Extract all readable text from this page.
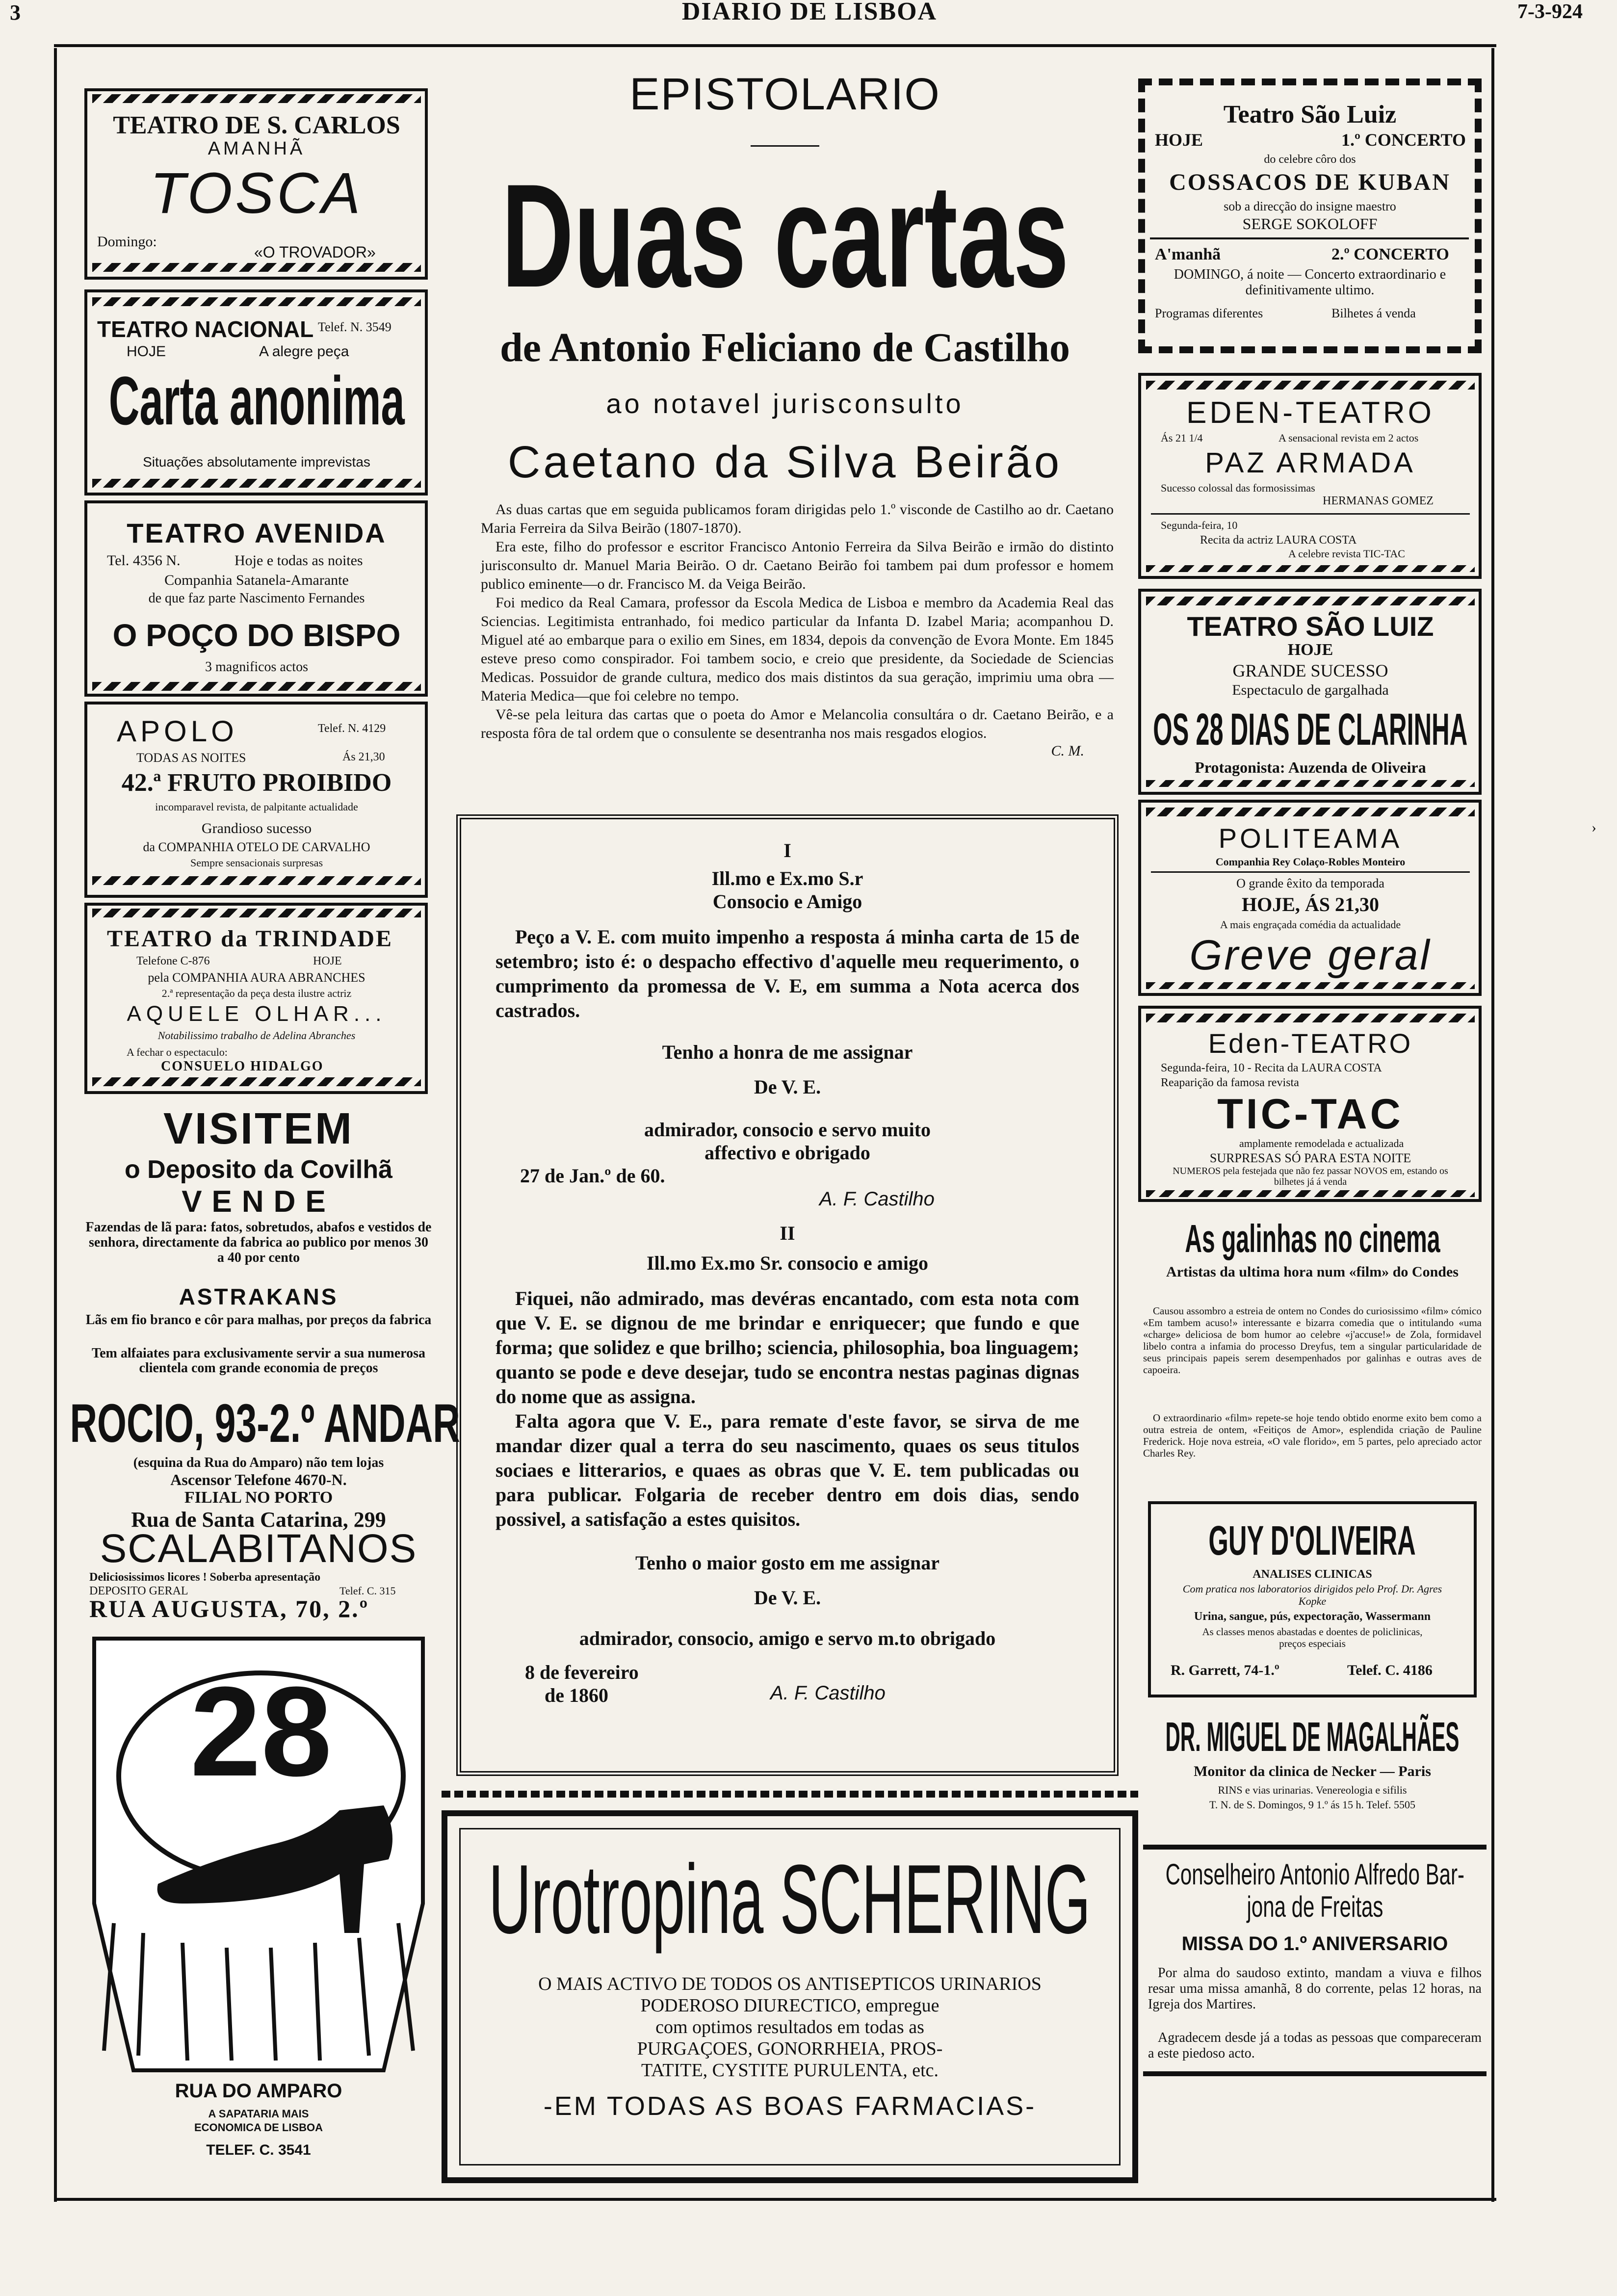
3	DIARIO DE LISBOA	7-3-924
›
TEATRO DE S. CARLOS
AMANHÃ
TOSCA
Domingo:
«O TROVADOR»
TEATRO NACIONAL Telef. N. 3549
HOJE	A alegre peça
Carta anonima
Situações absolutamente imprevistas
TEATRO AVENIDA
Tel. 4356 N.	Hoje e todas as noites
Companhia Satanela-Amarante
de que faz parte Nascimento Fernandes
O POÇO DO BISPO
3 magnificos actos
APOLO	Telef. N. 4129
TODAS AS NOITES	Ás 21,30
42.ª FRUTO PROIBIDO
incomparavel revista, de palpitante actualidade
Grandioso sucesso
da COMPANHIA OTELO DE CARVALHO
Sempre sensacionais surpresas
TEATRO da TRINDADE
Telefone C-876	HOJE
pela COMPANHIA AURA ABRANCHES
2.ª representação da peça desta ilustre actriz
AQUELE OLHAR...
Notabilissimo trabalho de Adelina Abranches
A fechar o espectaculo:
CONSUELO HIDALGO
VISITEM
o Deposito da Covilhã
VENDE
Fazendas de lã para: fatos, sobretudos, abafos e vestidos de senhora, directamente da fabrica ao publico por menos 30 a 40 por cento
ASTRAKANS
Lãs em fio branco e côr para malhas, por preços da fabrica
Tem alfaiates para exclusivamente servir a sua numerosa clientela com grande economia de preços
ROCIO, 93-2.º ANDAR
(esquina da Rua do Amparo) não tem lojas
Ascensor Telefone 4670-N.
FILIAL NO PORTO
Rua de Santa Catarina, 299
SCALABITANOS
Deliciosissimos licores ! Soberba apresentação
DEPOSITO GERAL	Telef. C. 315
RUA AUGUSTA, 70, 2.º
28
RUA DO AMPARO
A SAPATARIA MAIS
ECONOMICA DE LISBOA
TELEF. C. 3541
EPISTOLARIO
Duas cartas
de Antonio Feliciano de Castilho
ao notavel jurisconsulto
Caetano da Silva Beirão

As duas cartas que em seguida publicamos foram dirigidas pelo 1.º visconde de Castilho ao dr. Caetano Maria Ferreira da Silva Beirão (1807-1870).

Era este, filho do professor e escritor Francisco Antonio Ferreira da Silva Beirão e irmão do distinto jurisconsulto dr. Manuel Maria Beirão. O dr. Caetano Beirão foi tambem pai dum professor e homem publico eminente—o dr. Francisco M. da Veiga Beirão.

Foi medico da Real Camara, professor da Escola Medica de Lisboa e membro da Academia Real das Sciencias. Legitimista entranhado, foi medico particular da Infanta D. Izabel Maria; acompanhou D. Miguel até ao embarque para o exilio em Sines, em 1834, depois da convenção de Evora Monte. Em 1845 esteve preso como conspirador. Foi tambem socio, e creio que presidente, da Sociedade de Sciencias Medicas. Possuidor de grande cultura, medico dos mais distintos da sua geração, imprimiu uma obra —Materia Medica—que foi celebre no tempo.

Vê-se pela leitura das cartas que o poeta do Amor e Melancolia consultára o dr. Caetano Beirão, e a resposta fôra de tal ordem que o consulente se desentranha nos mais resgados elogios.

C. M.

I
Ill.mo e Ex.mo S.r
Consocio e Amigo

Peço a V. E. com muito impenho a resposta á minha carta de 15 de setembro; isto é: o despacho effectivo d'aquelle meu requerimento, o cumprimento da promessa de V. E, em summa a Nota acerca dos castrados.

Tenho a honra de me assignar
De V. E.
admirador, consocio e servo muito
affectivo e obrigado
27 de Jan.º de 60.
A. F. Castilho
II
Ill.mo Ex.mo Sr. consocio e amigo

Fiquei, não admirado, mas devéras encantado, com esta nota com que V. E. se dignou de me brindar e enriquecer; que fundo e que forma; que solidez e que brilho; sciencia, philosophia, boa linguagem; quanto se pode e deve desejar, tudo se encontra nestas paginas dignas do nome que as assigna.

Falta agora que V. E., para remate d'este favor, se sirva de me mandar dizer qual a terra do seu nascimento, quaes os seus titulos sociaes e litterarios, e quaes as obras que V. E. tem publicadas ou para publicar. Folgaria de receber dentro em dois dias, sendo possivel, a satisfação a estes quisitos.

Tenho o maior gosto em me assignar
De V. E.
admirador, consocio, amigo e servo m.to obrigado
8 de fevereiro
de 1860	A. F. Castilho
Urotropina SCHERING
O MAIS ACTIVO DE TODOS OS ANTISEPTICOS URINARIOS
PODEROSO DIURECTICO, empregue
com optimos resultados em todas as
PURGAÇOES, GONORRHEIA, PROS-
TATITE, CYSTITE PURULENTA, etc.
-EM TODAS AS BOAS FARMACIAS-
Teatro São Luiz
HOJE	1.º CONCERTO
do celebre côro dos
COSSACOS DE KUBAN
sob a direcção do insigne maestro
SERGE SOKOLOFF
A'manhã	2.º CONCERTO
DOMINGO, á noite — Concerto extraordinario e definitivamente ultimo.
Programas diferentes	Bilhetes á venda
EDEN-TEATRO
Ás 21 1/4	A sensacional revista em 2 actos
PAZ ARMADA
Sucesso colossal das formosissimas
HERMANAS GOMEZ
Segunda-feira, 10
Recita da actriz LAURA COSTA
A celebre revista TIC-TAC
TEATRO SÃO LUIZ
HOJE
GRANDE SUCESSO
Espectaculo de gargalhada
OS 28 DIAS DE CLARINHA
Protagonista: Auzenda de Oliveira
POLITEAMA
Companhia Rey Colaço-Robles Monteiro
O grande êxito da temporada
HOJE, ÁS 21,30
A mais engraçada comédia da actualidade
Greve geral
Eden-TEATRO
Segunda-feira, 10 - Recita da LAURA COSTA
Reaparição da famosa revista
TIC-TAC
amplamente remodelada e actualizada
SURPRESAS SÓ PARA ESTA NOITE
NUMEROS pela festejada que não fez passar NOVOS em, estando os bilhetes já á venda
As galinhas no cinema
Artistas da ultima hora num «film» do Condes

Causou assombro a estreia de ontem no Condes do curiosissimo «film» cómico «Em tambem acuso!» interessante e bizarra comedia que o intitulando «uma «charge» deliciosa de bom humor ao celebre «j'accuse!» de Zola, formidavel libelo contra a infamia do processo Dreyfus, tem a singular particularidade de seus principais papeis serem desempenhados por galinhas e outras aves de capoeira.

O extraordinario «film» repete-se hoje tendo obtido enorme exito bem como a outra estreia de ontem, «Feitiços de Amor», esplendida criação de Pauline Frederick. Hoje nova estreia, «O vale florido», em 5 partes, pelo apreciado actor Charles Rey.

GUY D'OLIVEIRA
ANALISES CLINICAS
Com pratica nos laboratorios dirigidos pelo Prof. Dr. Agres Kopke
Urina, sangue, pús, expectoração, Wassermann
As classes menos abastadas e doentes de policlinicas, preços especiais
R. Garrett, 74-1.º	Telef. C. 4186
DR. MIGUEL DE MAGALHÃES
Monitor da clinica de Necker — Paris
RINS e vias urinarias. Venereologia e sifilis
T. N. de S. Domingos, 9 1.º ás 15 h. Telef. 5505
Conselheiro Antonio Alfredo Bar-
jona de Freitas
MISSA DO 1.º ANIVERSARIO

Por alma do saudoso extinto, mandam a viuva e filhos resar uma missa amanhã, 8 do corrente, pelas 12 horas, na Igreja dos Martires.

Agradecem desde já a todas as pessoas que compareceram a este piedoso acto.
